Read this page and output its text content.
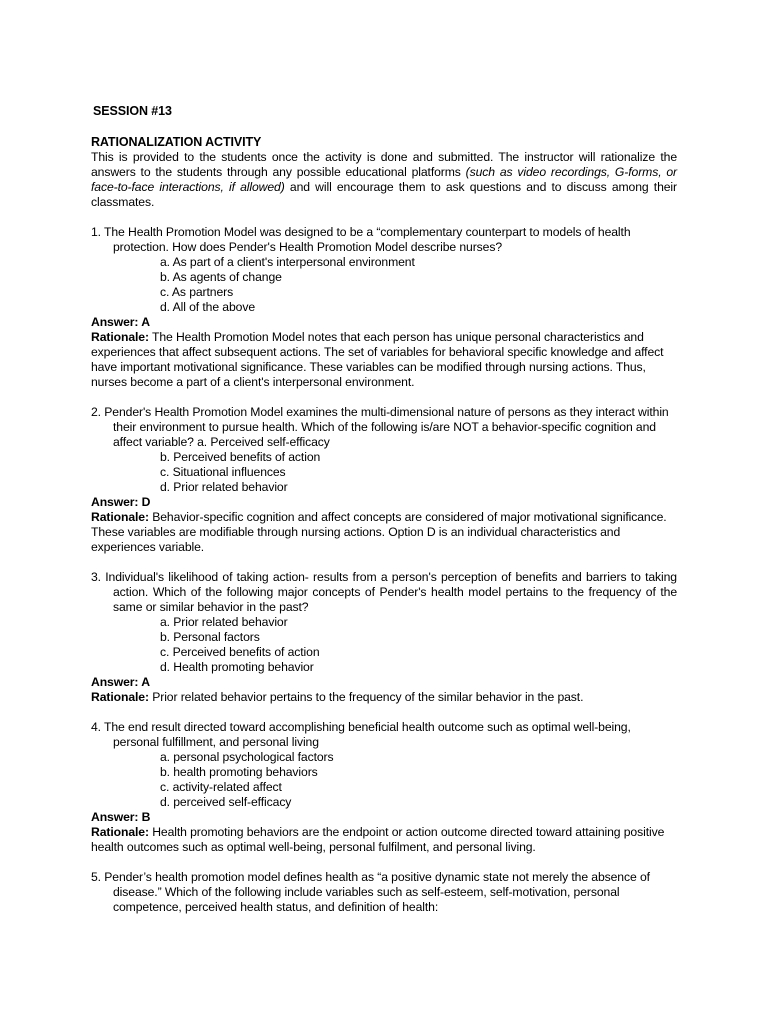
SESSION #13
RATIONALIZATION ACTIVITY
This is provided to the students once the activity is done and submitted. The instructor will rationalize the answers to the students through any possible educational platforms (such as video recordings, G-forms, or face-to-face interactions, if allowed) and will encourage them to ask questions and to discuss among their classmates.
1. The Health Promotion Model was designed to be a “complementary counterpart to models of health protection. How does Pender's Health Promotion Model describe nurses?
a. As part of a client's interpersonal environment
b. As agents of change
c. As partners
d. All of the above
Answer: A
Rationale: The Health Promotion Model notes that each person has unique personal characteristics and experiences that affect subsequent actions. The set of variables for behavioral specific knowledge and affect have important motivational significance. These variables can be modified through nursing actions. Thus, nurses become a part of a client's interpersonal environment.
2. Pender's Health Promotion Model examines the multi-dimensional nature of persons as they interact within their environment to pursue health. Which of the following is/are NOT a behavior-specific cognition and affect variable? a. Perceived self-efficacy
b. Perceived benefits of action
c. Situational influences
d. Prior related behavior
Answer: D
Rationale: Behavior-specific cognition and affect concepts are considered of major motivational significance. These variables are modifiable through nursing actions. Option D is an individual characteristics and experiences variable.
3. Individual's likelihood of taking action- results from a person's perception of benefits and barriers to taking action. Which of the following major concepts of Pender's health model pertains to the frequency of the same or similar behavior in the past?
a. Prior related behavior
b. Personal factors
c. Perceived benefits of action
d. Health promoting behavior
Answer: A
Rationale: Prior related behavior pertains to the frequency of the similar behavior in the past.
4. The end result directed toward accomplishing beneficial health outcome such as optimal well-being, personal fulfillment, and personal living
a. personal psychological factors
b. health promoting behaviors
c. activity-related affect
d. perceived self-efficacy
Answer: B
Rationale: Health promoting behaviors are the endpoint or action outcome directed toward attaining positive health outcomes such as optimal well-being, personal fulfilment, and personal living.
5. Pender’s health promotion model defines health as “a positive dynamic state not merely the absence of disease.” Which of the following include variables such as self-esteem, self-motivation, personal competence, perceived health status, and definition of health:
